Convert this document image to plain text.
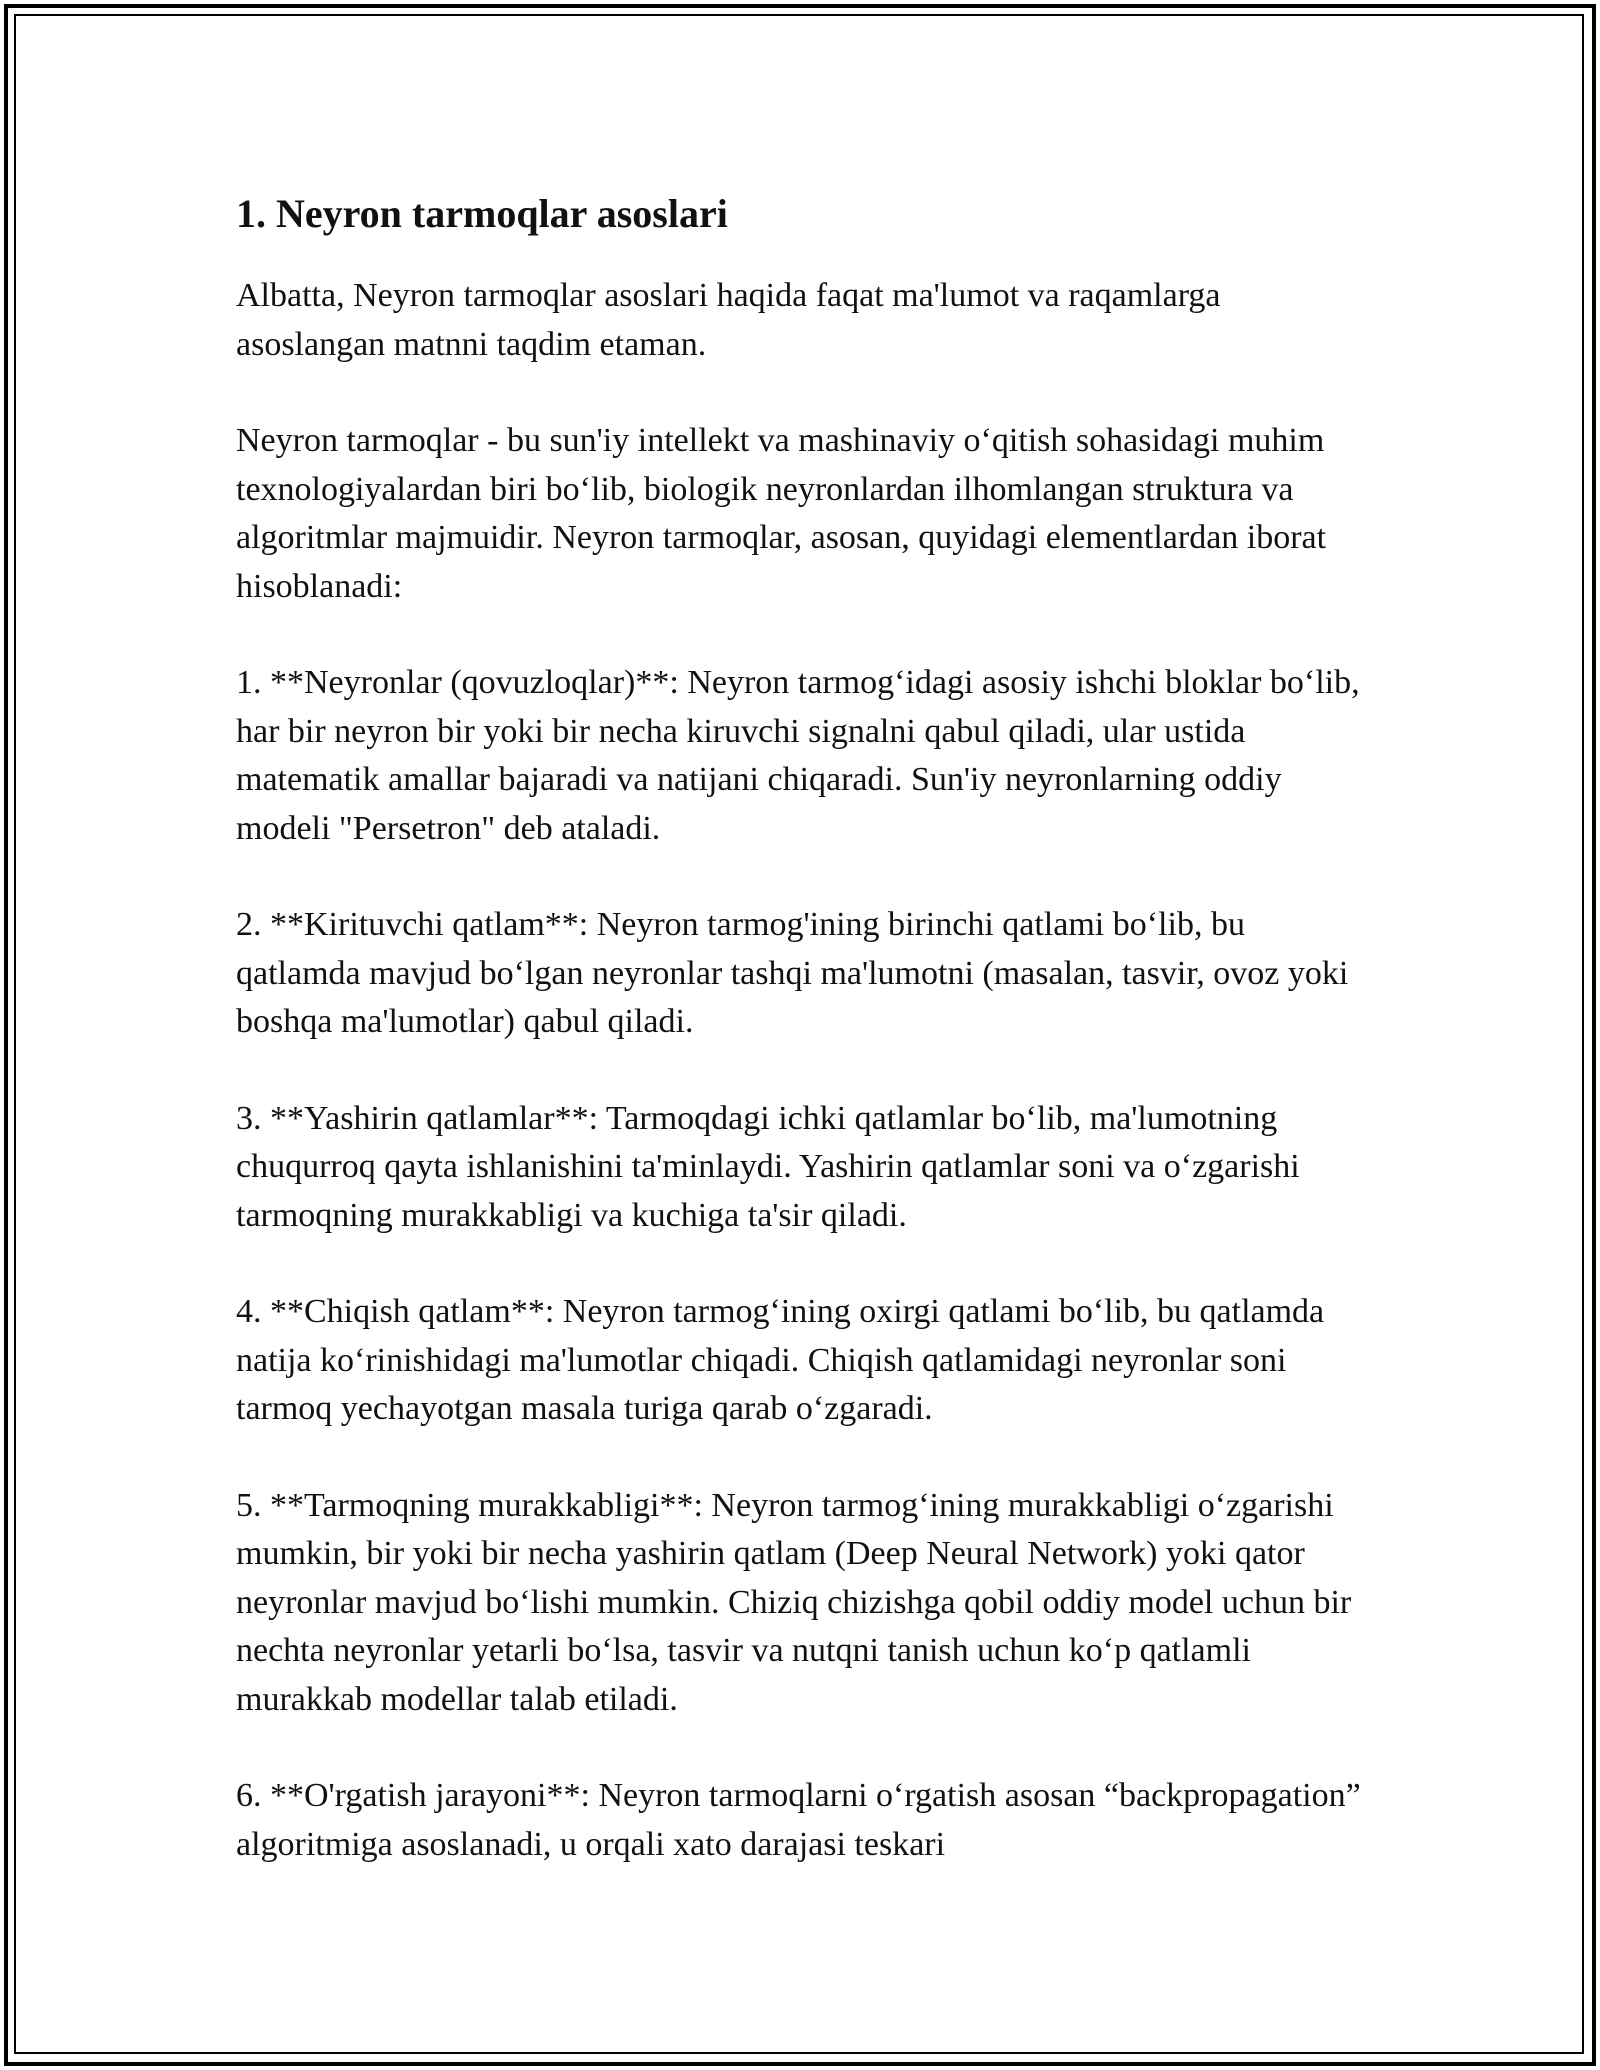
1. Neyron tarmoqlar asoslari

Albatta, Neyron tarmoqlar asoslari haqida faqat ma'lumot va raqamlarga asoslangan matnni taqdim etaman.

Neyron tarmoqlar - bu sun'iy intellekt va mashinaviy o‘qitish sohasidagi muhim texnologiyalardan biri bo‘lib, biologik neyronlardan ilhomlangan struktura va algoritmlar majmuidir. Neyron tarmoqlar, asosan, quyidagi elementlardan iborat hisoblanadi:

1. **Neyronlar (qovuzloqlar)**: Neyron tarmog‘idagi asosiy ishchi bloklar bo‘lib, har bir neyron bir yoki bir necha kiruvchi signalni qabul qiladi, ular ustida matematik amallar bajaradi va natijani chiqaradi. Sun'iy neyronlarning oddiy modeli "Persetron" deb ataladi.

2. **Kirituvchi qatlam**: Neyron tarmog'ining birinchi qatlami bo‘lib, bu qatlamda mavjud bo‘lgan neyronlar tashqi ma'lumotni (masalan, tasvir, ovoz yoki boshqa ma'lumotlar) qabul qiladi.

3. **Yashirin qatlamlar**: Tarmoqdagi ichki qatlamlar bo‘lib, ma'lumotning chuqurroq qayta ishlanishini ta'minlaydi. Yashirin qatlamlar soni va o‘zgarishi tarmoqning murakkabligi va kuchiga ta'sir qiladi.

4. **Chiqish qatlam**: Neyron tarmog‘ining oxirgi qatlami bo‘lib, bu qatlamda natija ko‘rinishidagi ma'lumotlar chiqadi. Chiqish qatlamidagi neyronlar soni tarmoq yechayotgan masala turiga qarab o‘zgaradi.

5. **Tarmoqning murakkabligi**: Neyron tarmog‘ining murakkabligi o‘zgarishi mumkin, bir yoki bir necha yashirin qatlam (Deep Neural Network) yoki qator neyronlar mavjud bo‘lishi mumkin. Chiziq chizishga qobil oddiy model uchun bir nechta neyronlar yetarli bo‘lsa, tasvir va nutqni tanish uchun ko‘p qatlamli murakkab modellar talab etiladi.

6. **O'rgatish jarayoni**: Neyron tarmoqlarni o‘rgatish asosan “backpropagation” algoritmiga asoslanadi, u orqali xato darajasi teskari
